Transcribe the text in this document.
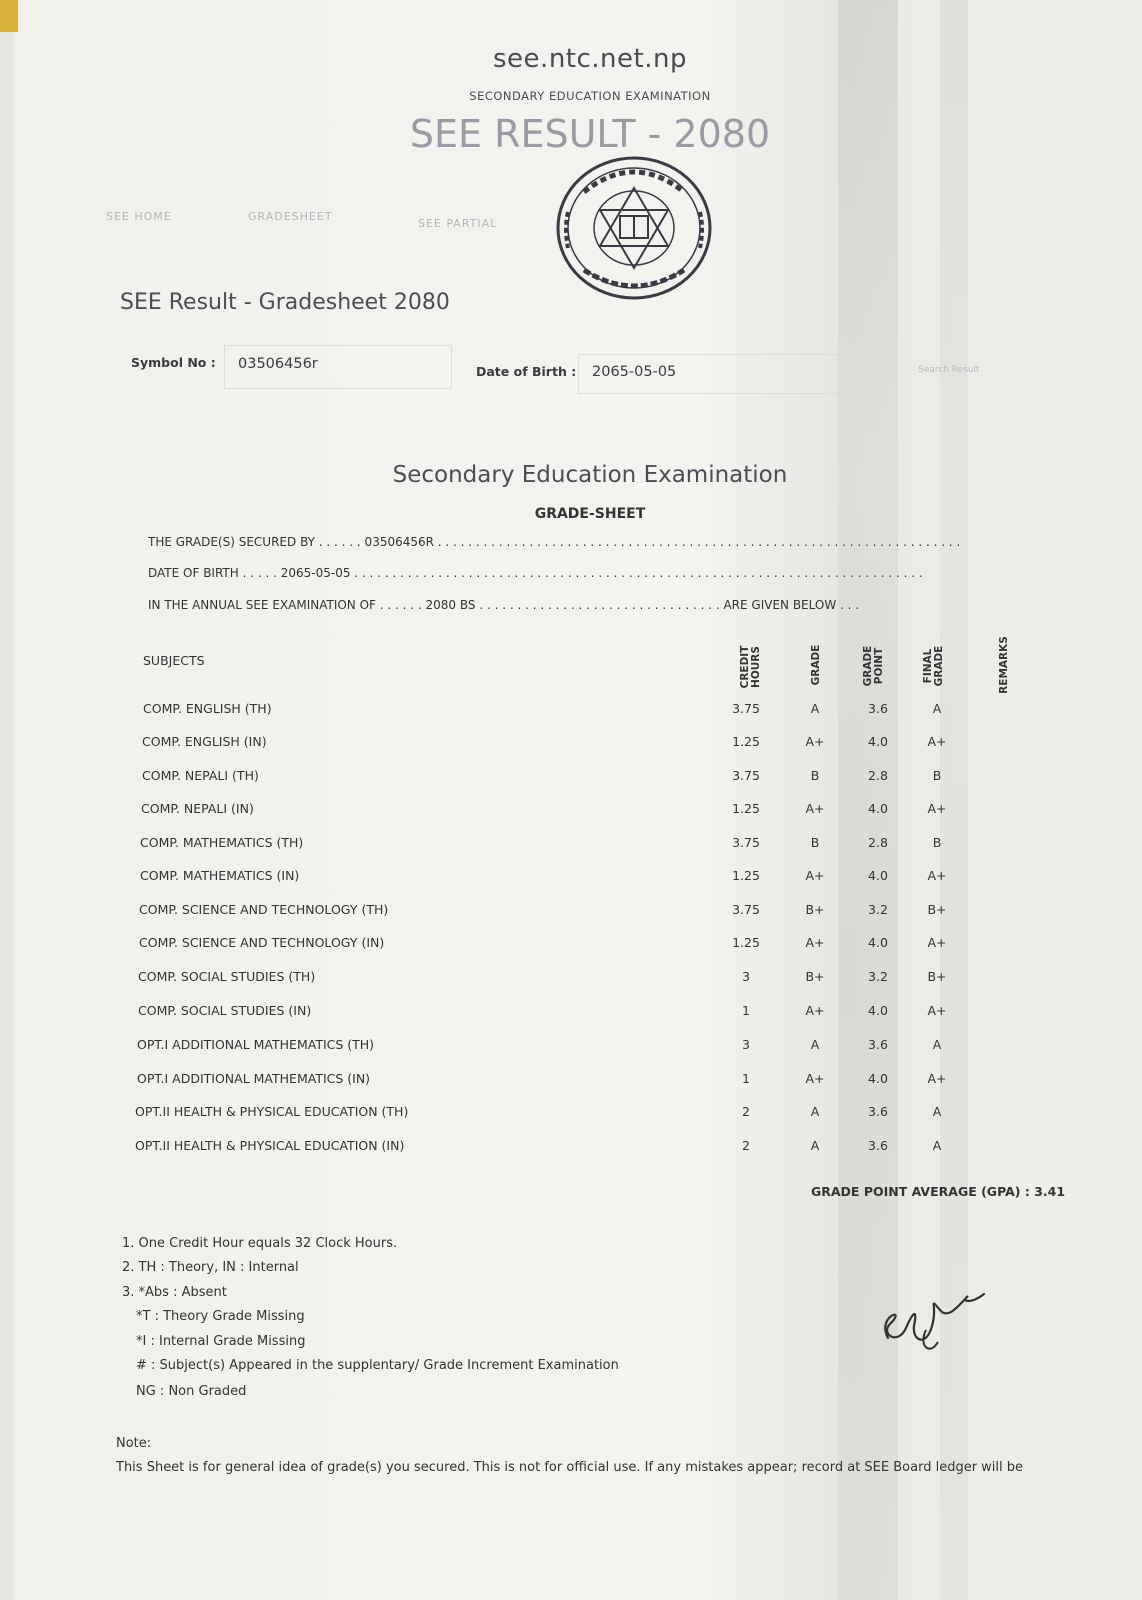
see.ntc.net.np
SECONDARY EDUCATION EXAMINATION
SEE RESULT - 2080
SEE HOME	GRADESHEET
SEE PARTIAL
SEE Result - Gradesheet 2080
Symbol No : 03506456r	Date of Birth : 2065-05-05	Search Result
Secondary Education Examination
GRADE-SHEET
THE GRADE(S) SECURED BY . . . . . . 03506456R . . . . . . . . . . . . . . . . . . . . . . . . . . . . . . . . . . . . . . . . . . . . . . . . . . . . . . . . . . . . . . . . . . . . .
DATE OF BIRTH . . . . . 2065-05-05 . . . . . . . . . . . . . . . . . . . . . . . . . . . . . . . . . . . . . . . . . . . . . . . . . . . . . . . . . . . . . . . . . . . . . . . . . . .
IN THE ANNUAL SEE EXAMINATION OF . . . . . . 2080 BS . . . . . . . . . . . . . . . . . . . . . . . . . . . . . . . . ARE GIVEN BELOW . . .
SUBJECTS	CREDIT HOURS	GRADE	GRADE POINT	FINAL GRADE	REMARKS
COMP. ENGLISH (TH)	3.75	A	3.6	A
COMP. ENGLISH (IN)	1.25	A+	4.0	A+
COMP. NEPALI (TH)	3.75	B	2.8	B
COMP. NEPALI (IN)	1.25	A+	4.0	A+
COMP. MATHEMATICS (TH)	3.75	B	2.8	B
COMP. MATHEMATICS (IN)	1.25	A+	4.0	A+
COMP. SCIENCE AND TECHNOLOGY (TH)	3.75	B+	3.2	B+
COMP. SCIENCE AND TECHNOLOGY (IN)	1.25	A+	4.0	A+
COMP. SOCIAL STUDIES (TH)	3	B+	3.2	B+
COMP. SOCIAL STUDIES (IN)	1	A+	4.0	A+
OPT.I ADDITIONAL MATHEMATICS (TH)	3	A	3.6	A
OPT.I ADDITIONAL MATHEMATICS (IN)	1	A+	4.0	A+
OPT.II HEALTH & PHYSICAL EDUCATION (TH)	2	A	3.6	A
OPT.II HEALTH & PHYSICAL EDUCATION (IN)	2	A	3.6	A
GRADE POINT AVERAGE (GPA) : 3.41
1. One Credit Hour equals 32 Clock Hours.
2. TH : Theory, IN : Internal
3. *Abs : Absent
*T : Theory Grade Missing
*I : Internal Grade Missing
# : Subject(s) Appeared in the supplentary/ Grade Increment Examination
NG : Non Graded
Note:
This Sheet is for general idea of grade(s) you secured. This is not for official use. If any mistakes appear; record at SEE Board ledger will be
